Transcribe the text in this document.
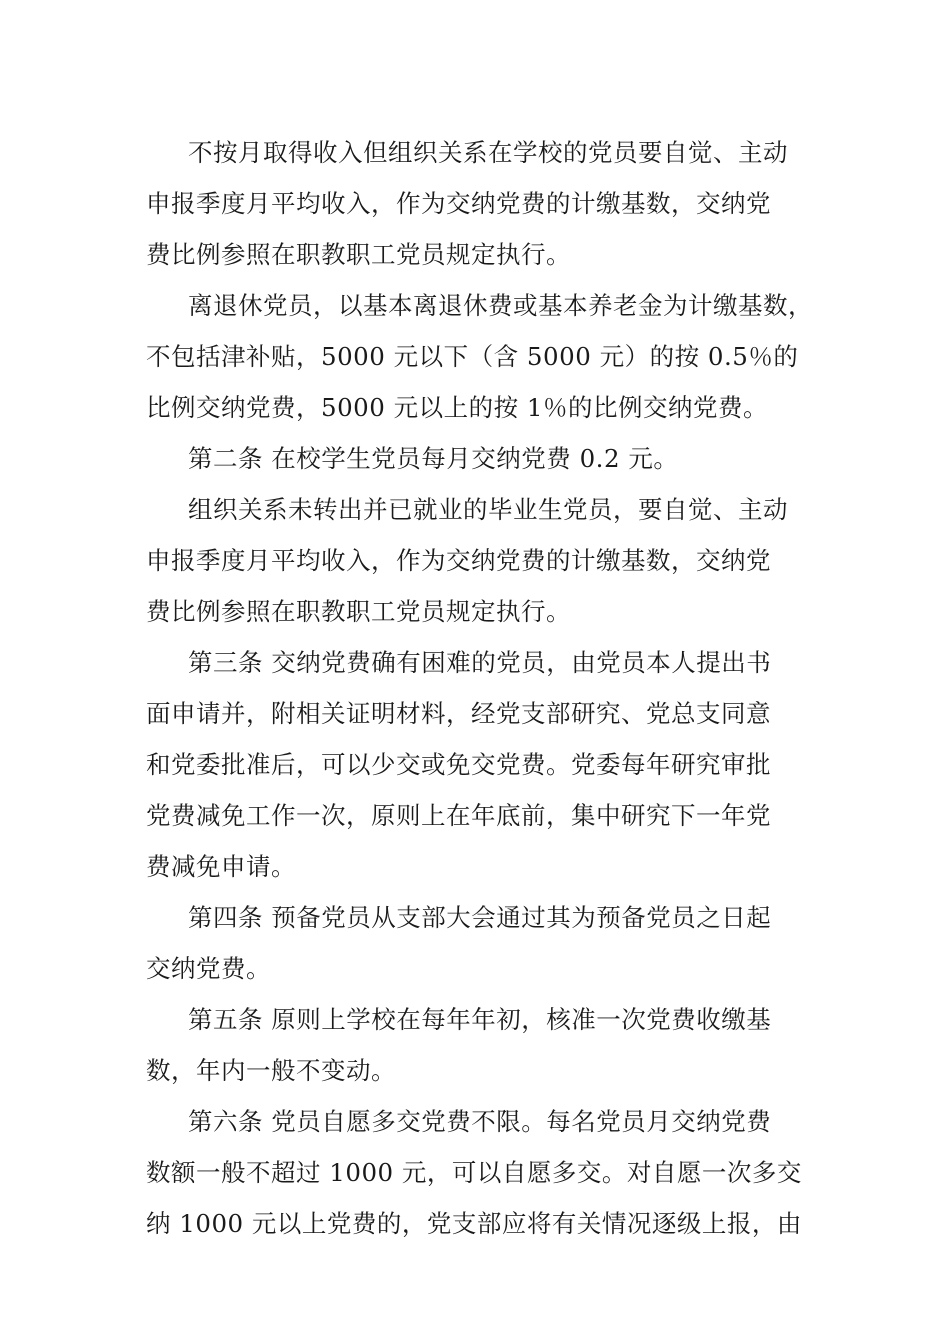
不按月取得收入但组织关系在学校的党员要自觉、主动
申报季度月平均收入，作为交纳党费的计缴基数，交纳党
费比例参照在职教职工党员规定执行。

离退休党员，以基本离退休费或基本养老金为计缴基数，
不包括津补贴，5000 元以下（含 5000 元）的按 0.5％的
比例交纳党费，5000 元以上的按 1％的比例交纳党费。

第二条 在校学生党员每月交纳党费 0.2 元。

组织关系未转出并已就业的毕业生党员，要自觉、主动
申报季度月平均收入，作为交纳党费的计缴基数，交纳党
费比例参照在职教职工党员规定执行。

第三条 交纳党费确有困难的党员，由党员本人提出书
面申请并，附相关证明材料，经党支部研究、党总支同意
和党委批准后，可以少交或免交党费。党委每年研究审批
党费减免工作一次，原则上在年底前，集中研究下一年党
费减免申请。

第四条 预备党员从支部大会通过其为预备党员之日起
交纳党费。

第五条 原则上学校在每年年初，核准一次党费收缴基
数，年内一般不变动。

第六条 党员自愿多交党费不限。每名党员月交纳党费
数额一般不超过 1000 元，可以自愿多交。对自愿一次多交
纳 1000 元以上党费的，党支部应将有关情况逐级上报，由
